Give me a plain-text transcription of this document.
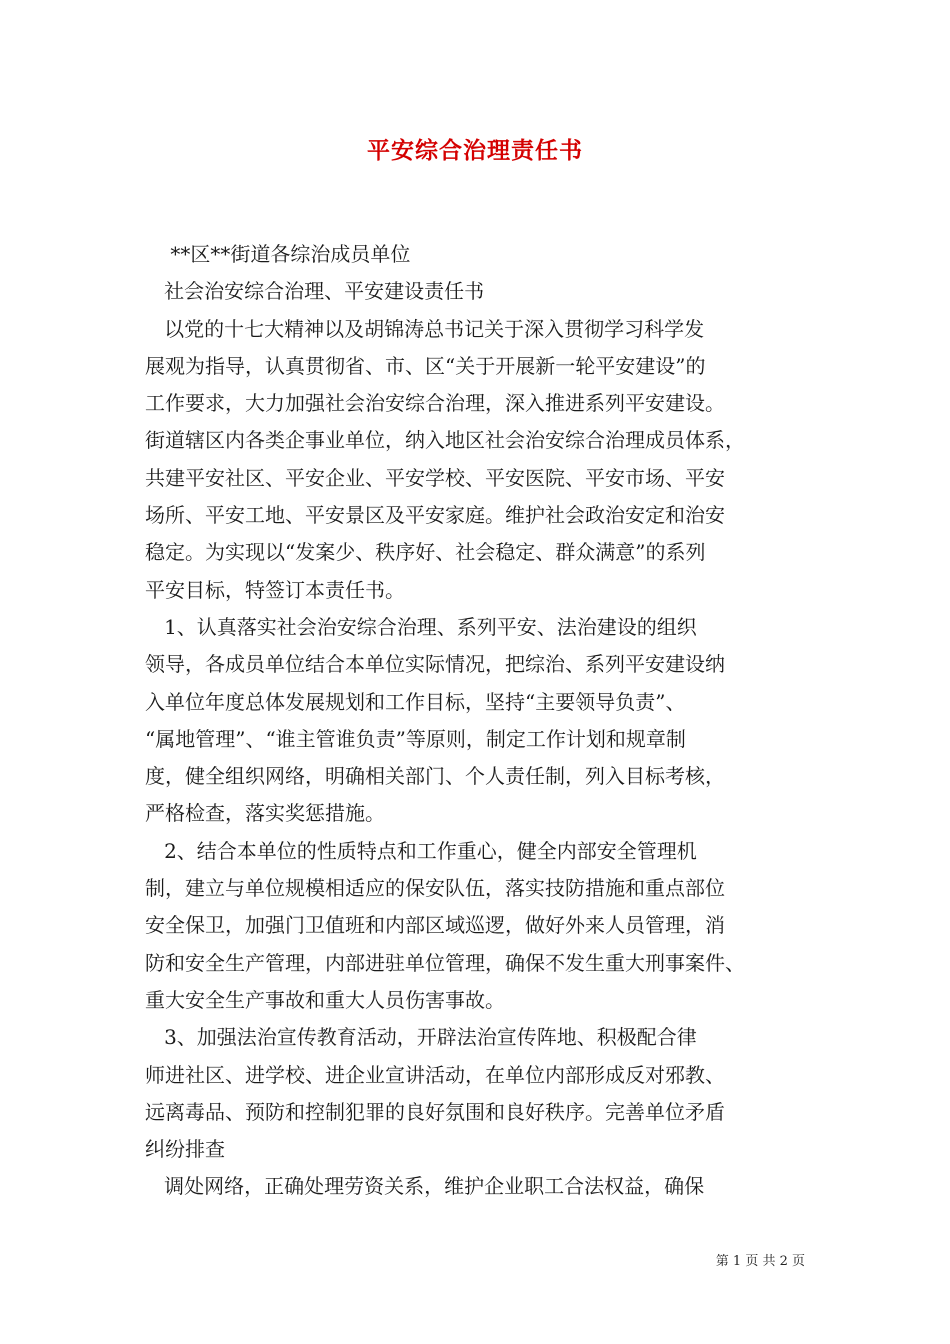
平安综合治理责任书
**区**街道各综治成员单位
社会治安综合治理、平安建设责任书
以党的十七大精神以及胡锦涛总书记关于深入贯彻学习科学发
展观为指导，认真贯彻省、市、区“关于开展新一轮平安建设”的
工作要求，大力加强社会治安综合治理，深入推进系列平安建设。
街道辖区内各类企事业单位，纳入地区社会治安综合治理成员体系，
共建平安社区、平安企业、平安学校、平安医院、平安市场、平安
场所、平安工地、平安景区及平安家庭。维护社会政治安定和治安
稳定。为实现以“发案少、秩序好、社会稳定、群众满意”的系列
平安目标，特签订本责任书。
1、认真落实社会治安综合治理、系列平安、法治建设的组织
领导，各成员单位结合本单位实际情况，把综治、系列平安建设纳
入单位年度总体发展规划和工作目标，坚持“主要领导负责”、
“属地管理”、“谁主管谁负责”等原则，制定工作计划和规章制
度，健全组织网络，明确相关部门、个人责任制，列入目标考核，
严格检查，落实奖惩措施。
2、结合本单位的性质特点和工作重心，健全内部安全管理机
制，建立与单位规模相适应的保安队伍，落实技防措施和重点部位
安全保卫，加强门卫值班和内部区域巡逻，做好外来人员管理，消
防和安全生产管理，内部进驻单位管理，确保不发生重大刑事案件、
重大安全生产事故和重大人员伤害事故。
3、加强法治宣传教育活动，开辟法治宣传阵地、积极配合律
师进社区、进学校、进企业宣讲活动，在单位内部形成反对邪教、
远离毒品、预防和控制犯罪的良好氛围和良好秩序。完善单位矛盾
纠纷排查
调处网络，正确处理劳资关系，维护企业职工合法权益，确保
第 1 页 共 2 页
